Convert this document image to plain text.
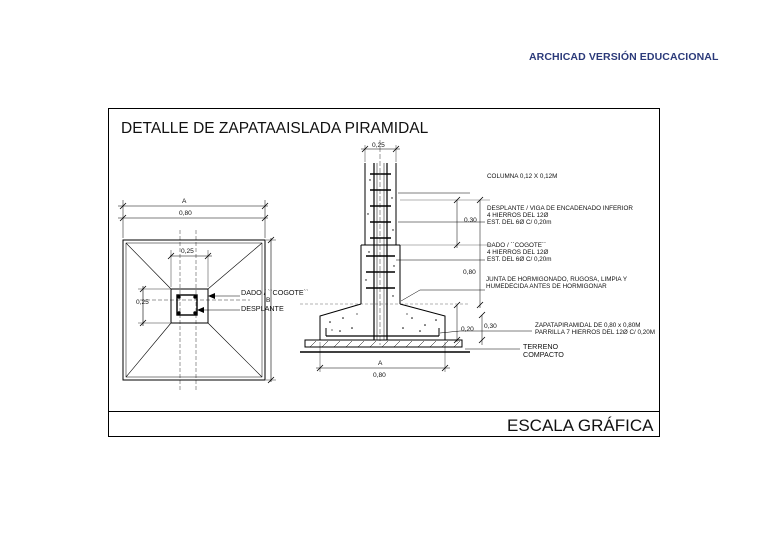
ARCHICAD VERSIÓN EDUCACIONAL
DETALLE DE ZAPATAAISLADA PIRAMIDAL
ESCALA GRÁFICA
A
0,80
0,25
0,25	B
DADO / ``COGOTE``
DESPLANTE
0,25
A
0,80
0.30
0,80
0,20 0,30
COLUMNA 0,12 X 0,12M
DESPLANTE / VIGA DE ENCADENADO INFERIOR
4 HIERROS DEL 12Ø
EST. DEL 6Ø C/ 0,20m
DADO / ``COGOTE``
4 HIERROS DEL 12Ø
EST. DEL 6Ø C/ 0,20m
JUNTA DE HORMIGONADO, RUGOSA, LIMPIA Y
HUMEDECIDA ANTES DE HORMIGONAR
ZAPATAPIRAMIDAL DE 0,80 x 0,80M
PARRILLA 7 HIERROS DEL 12Ø C/ 0,20M
TERRENO
COMPACTO
